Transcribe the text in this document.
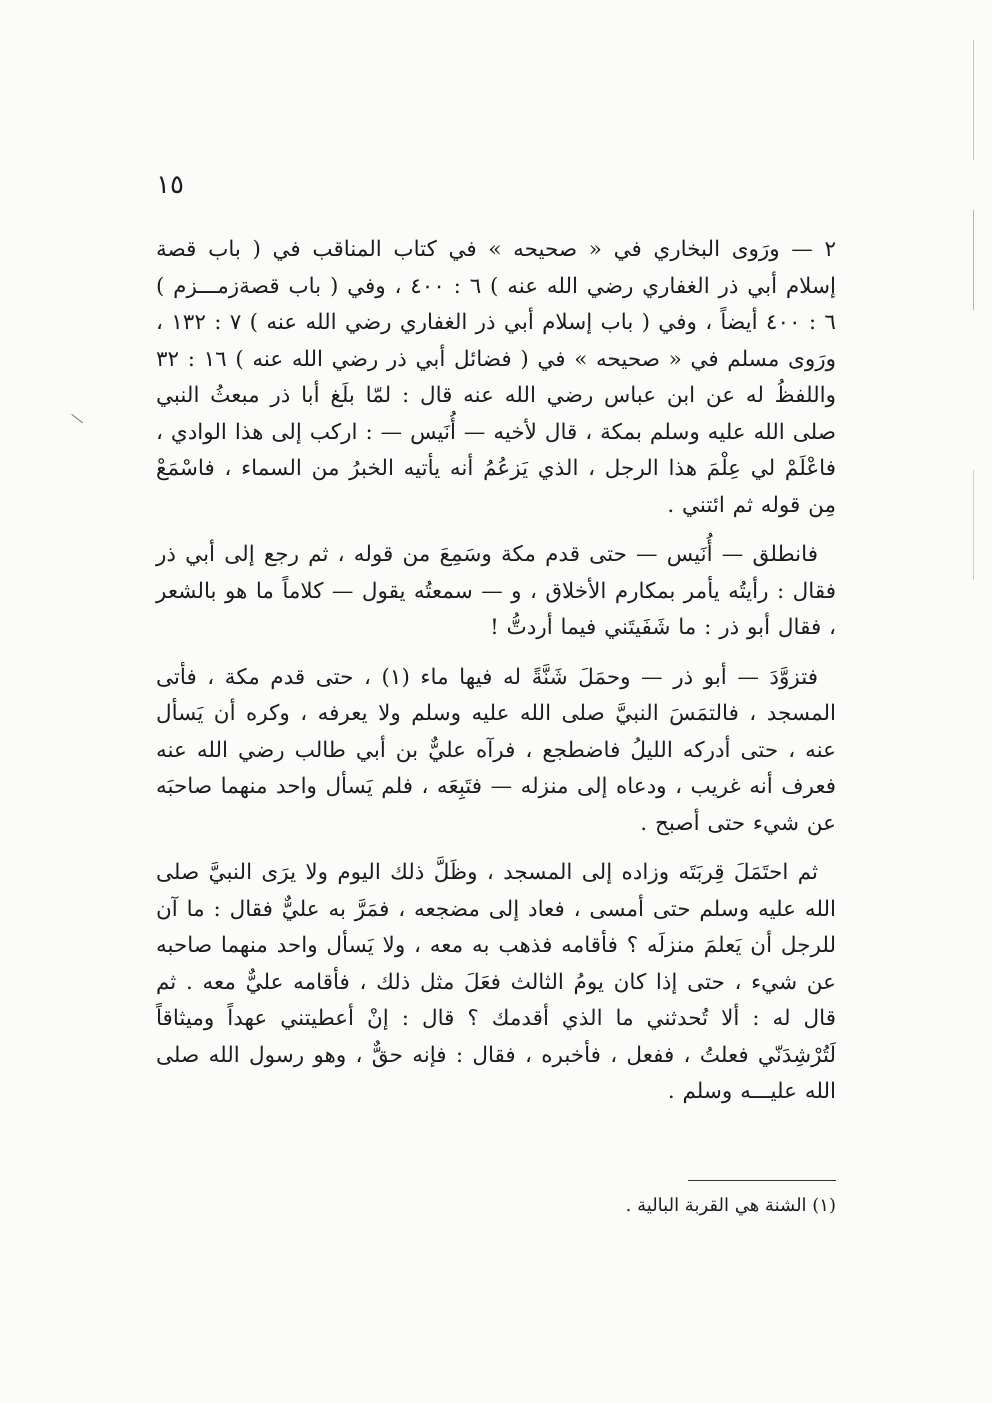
١٥

٢ — ورَوى البخاري في « صحيحه » في كتاب المناقب في ( باب قصة إسلام أبي ذر الغفاري رضي الله عنه ) ٦ : ٤٠٠ ، وفي ( باب قصةزمـــزم ) ٦ : ٤٠٠ أيضاً ، وفي ( باب إسلام أبي ذر الغفاري رضي الله عنه ) ٧ : ١٣٢ ، ورَوى مسلم في « صحيحه » في ( فضائل أبي ذر رضي الله عنه ) ١٦ : ٣٢ واللفظُ له عن ابن عباس رضي الله عنه قال : لمّا بلَغ أبا ذر مبعثُ النبي صلى الله عليه وسلم بمكة ، قال لأخيه — أُنَيس — : اركب إلى هذا الوادي ، فاعْلَمْ لي عِلْمَ هذا الرجل ، الذي يَزعُمُ أنه يأتيه الخبرُ من السماء ، فاسْمَعْ مِن قوله ثم ائتني .

فانطلق — أُنَيس — حتى قدم مكة وسَمِعَ من قوله ، ثم رجع إلى أبي ذر فقال : رأيتُه يأمر بمكارم الأخلاق ، و — سمعتُه يقول — كلاماً ما هو بالشعر ، فقال أبو ذر : ما شَفَيتَني فيما أردتُّ !

فتزوَّدَ — أبو ذر — وحمَلَ شَنَّةً له فيها ماء (١) ، حتى قدم مكة ، فأتى المسجد ، فالتمَسَ النبيَّ صلى الله عليه وسلم ولا يعرفه ، وكره أن يَسأل عنه ، حتى أدركه الليلُ فاضطجع ، فرآه عليٌّ بن أبي طالب رضي الله عنه فعرف أنه غريب ، ودعاه إلى منزله — فتَبِعَه ، فلم يَسأل واحد منهما صاحبَه عن شيء حتى أصبح .

ثم احتَمَلَ قِربَتَه وزاده إلى المسجد ، وظَلَّ ذلك اليوم ولا يرَى النبيَّ صلى الله عليه وسلم حتى أمسى ، فعاد إلى مضجعه ، فمَرَّ به عليٌّ فقال : ما آن للرجل أن يَعلمَ منزلَه ؟ فأقامه فذهب به معه ، ولا يَسأل واحد منهما صاحبه عن شيء ، حتى إذا كان يومُ الثالث فعَلَ مثل ذلك ، فأقامه عليٌّ معه . ثم قال له : ألا تُحدثني ما الذي أقدمك ؟ قال : إنْ أعطيتني عهداً وميثاقاً لَتُرْشِدَنّي فعلتُ ، ففعل ، فأخبره ، فقال : فإنه حقٌّ ، وهو رسول الله صلى الله عليـــه وسلم .

(١) الشنة هي القربة البالية .
